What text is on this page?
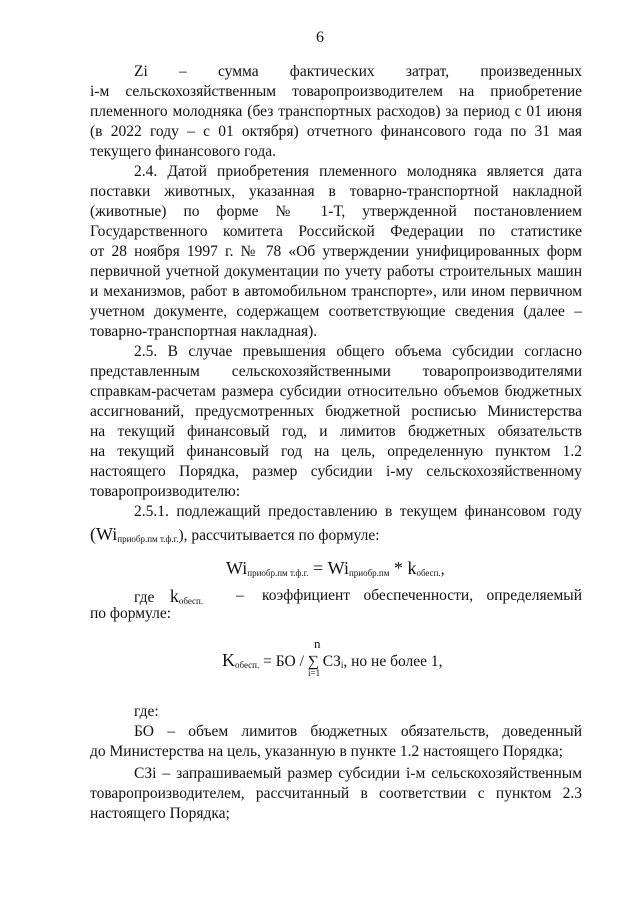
6
Zi   –   сумма   фактических   затрат,   произведенных
i-м сельскохозяйственным товаропроизводителем на приобретение
племенного молодняка (без транспортных расходов) за период с 01 июня
(в 2022 году – с 01 октября) отчетного финансового года по 31 мая
текущего финансового года.
2.4. Датой приобретения племенного молодняка является дата
поставки животных, указанная в товарно-транспортной накладной
(животные) по форме № 1-Т, утвержденной постановлением
Государственного комитета Российской Федерации по статистике
от 28 ноября 1997 г. № 78 «Об утверждении унифицированных форм
первичной учетной документации по учету работы строительных машин
и механизмов, работ в автомобильном транспорте», или ином первичном
учетном документе, содержащем соответствующие сведения (далее –
товарно-транспортная накладная).
2.5. В случае превышения общего объема субсидии согласно
представленным сельскохозяйственными товаропроизводителями
справкам-расчетам размера субсидии относительно объемов бюджетных
ассигнований, предусмотренных бюджетной росписью Министерства
на текущий финансовый год, и лимитов бюджетных обязательств
на текущий финансовый год на цель, определенную пунктом 1.2
настоящего Порядка, размер субсидии i-му сельскохозяйственному
товаропроизводителю:
2.5.1. подлежащий предоставлению в текущем финансовом году
$(Wi_{приобр.пм т.ф.г.})$, рассчитывается по формуле:
$Wi_{приобр.пм т.ф.г.} = Wi_{приобр.пм} * k_{обесп.}$,
где $k_{обесп.}$ – коэффициент обеспеченности, определяемый
по формуле:
n
$K_{обесп.}$ = БО / ∑ $СЗ_i$, но не более 1,
i=1
где:
БО – объем лимитов бюджетных обязательств, доведенный
до Министерства на цель, указанную в пункте 1.2 настоящего Порядка;
СЗi – запрашиваемый размер субсидии i-м сельскохозяйственным
товаропроизводителем, рассчитанный в соответствии с пунктом 2.3
настоящего Порядка;
